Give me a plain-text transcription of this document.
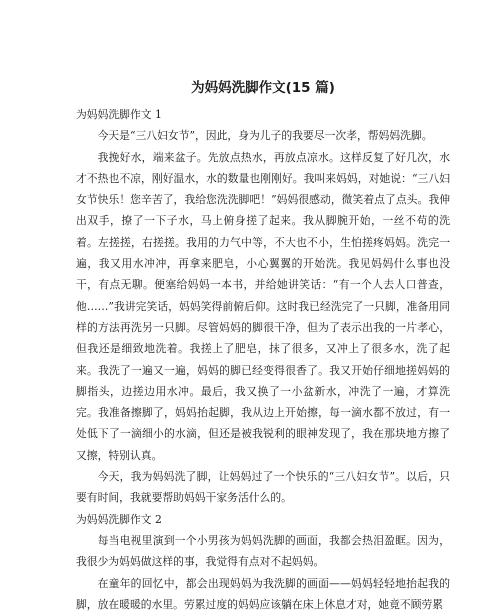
为妈妈洗脚作文(15 篇)

为妈妈洗脚作文 1

今天是“三八妇女节”，因此，身为儿子的我要尽一次孝，帮妈妈洗脚。

我挽好水，端来盆子。先放点热水，再放点凉水。这样反复了好几次，水才不热也不凉，刚好温水，水的数量也刚刚好。我叫来妈妈，对她说：“三八妇女节快乐！您辛苦了，我给您洗洗脚吧！”妈妈很感动，微笑着点了点头。我伸出双手，撩了一下子水，马上俯身搓了起来。我从脚腕开始，一丝不苟的洗着。左搓搓，右搓搓。我用的力气中等，不大也不小，生怕搓疼妈妈。洗完一遍，我又用水冲冲，再拿来肥皂，小心翼翼的开始洗。我见妈妈什么事也没干，有点无聊。便塞给妈妈一本书，并给她讲笑话：“有一个人去人口普查，他……”我讲完笑话，妈妈笑得前俯后仰。这时我已经洗完了一只脚，准备用同样的方法再洗另一只脚。尽管妈妈的脚很干净，但为了表示出我的一片孝心，但我还是细致地洗着。我搓上了肥皂，抹了很多，又冲上了很多水，洗了起来。我洗了一遍又一遍，妈妈的脚已经变得很香了。我又开始仔细地搓妈妈的脚指头，边搓边用水冲。最后，我又换了一小盆新水，冲洗了一遍，才算洗完。我准备擦脚了，妈妈抬起脚，我从边上开始擦，每一滴水都不放过，有一处低下了一滴细小的水滴，但还是被我锐利的眼神发现了，我在那块地方擦了又擦，特别认真。

今天，我为妈妈洗了脚，让妈妈过了一个快乐的“三八妇女节”。以后，只要有时间，我就要帮助妈妈干家务活什么的。

为妈妈洗脚作文 2

每当电视里演到一个小男孩为妈妈洗脚的画面，我都会热泪盈眶。因为，我很少为妈妈做这样的事，我觉得有点对不起妈妈。

在童年的回忆中，都会出现妈妈为我洗脚的画面——妈妈轻轻地抬起我的脚，放在暖暖的水里。劳累过度的妈妈应该躺在床上休息才对，她竟不顾劳累
